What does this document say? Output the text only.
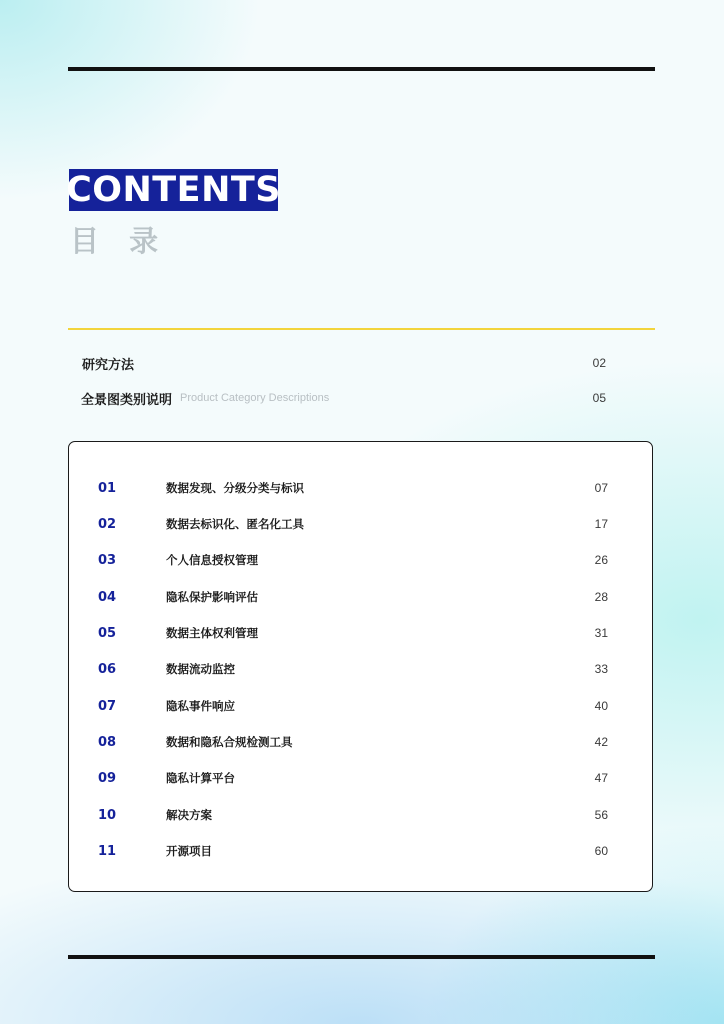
CONTENTS
目 录
研究方法	02
全景图类别说明 Product Category Descriptions	05
01	数据发现、分级分类与标识	07
02	数据去标识化、匿名化工具	17
03	个人信息授权管理	26
04	隐私保护影响评估	28
05	数据主体权利管理	31
06	数据流动监控	33
07	隐私事件响应	40
08	数据和隐私合规检测工具	42
09	隐私计算平台	47
10	解决方案	56
11	开源项目	60
